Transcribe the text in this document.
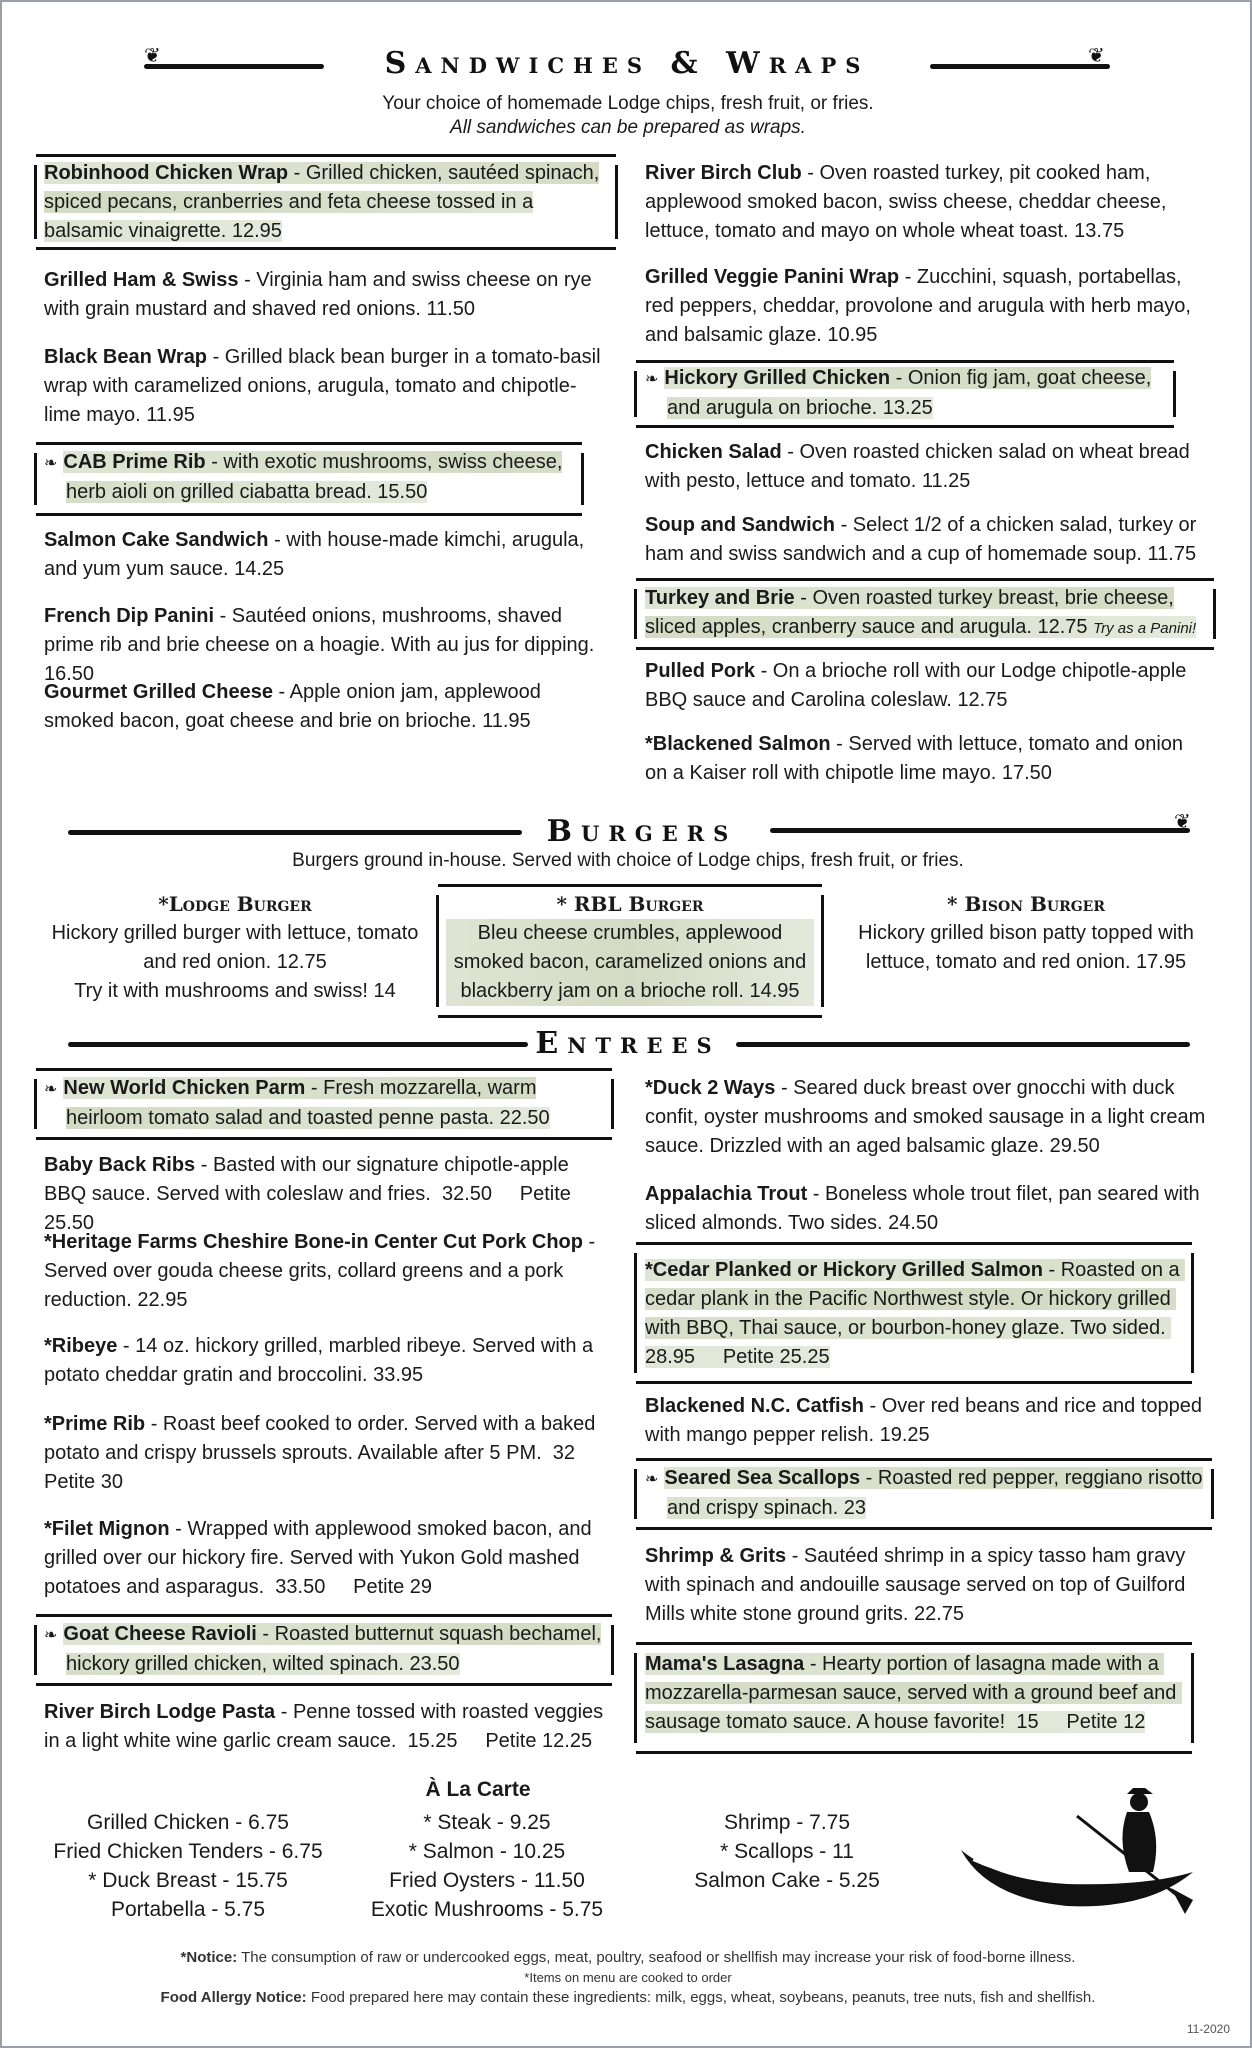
❦	Sandwiches & Wraps	❦
Your choice of homemade Lodge chips, fresh fruit, or fries.
All sandwiches can be prepared as wraps.
Robinhood Chicken Wrap - Grilled chicken, sautéed spinach, spiced pecans, cranberries and feta cheese tossed in a balsamic vinaigrette. 12.95
Grilled Ham & Swiss - Virginia ham and swiss cheese on rye with grain mustard and shaved red onions. 11.50
Black Bean Wrap - Grilled black bean burger in a tomato-basil wrap with caramelized onions, arugula, tomato and chipotle-lime mayo. 11.95
❧ CAB Prime Rib - with exotic mushrooms, swiss cheese, herb aioli on grilled ciabatta bread. 15.50
Salmon Cake Sandwich - with house-made kimchi, arugula, and yum yum sauce. 14.25
French Dip Panini - Sautéed onions, mushrooms, shaved prime rib and brie cheese on a hoagie. With au jus for dipping. 16.50
Gourmet Grilled Cheese - Apple onion jam, applewood smoked bacon, goat cheese and brie on brioche. 11.95
River Birch Club - Oven roasted turkey, pit cooked ham, applewood smoked bacon, swiss cheese, cheddar cheese, lettuce, tomato and mayo on whole wheat toast. 13.75
Grilled Veggie Panini Wrap - Zucchini, squash, portabellas, red peppers, cheddar, provolone and arugula with herb mayo, and balsamic glaze. 10.95
❧ Hickory Grilled Chicken - Onion fig jam, goat cheese, and arugula on brioche. 13.25
Chicken Salad - Oven roasted chicken salad on wheat bread with pesto, lettuce and tomato. 11.25
Soup and Sandwich - Select 1/2 of a chicken salad, turkey or ham and swiss sandwich and a cup of homemade soup. 11.75
Turkey and Brie - Oven roasted turkey breast, brie cheese, sliced apples, cranberry sauce and arugula. 12.75 Try as a Panini!
Pulled Pork - On a brioche roll with our Lodge chipotle-apple BBQ sauce and Carolina coleslaw. 12.75
*Blackened Salmon - Served with lettuce, tomato and onion on a Kaiser roll with chipotle lime mayo. 17.50
Burgers	❦
Burgers ground in-house. Served with choice of Lodge chips, fresh fruit, or fries.
*Lodge Burger
Hickory grilled burger with lettuce, tomato and red onion. 12.75
Try it with mushrooms and swiss! 14
* RBL Burger
Bleu cheese crumbles, applewood smoked bacon, caramelized onions and blackberry jam on a brioche roll. 14.95
* Bison Burger
Hickory grilled bison patty topped with lettuce, tomato and red onion. 17.95
Entrees
❧ New World Chicken Parm - Fresh mozzarella, warm heirloom tomato salad and toasted penne pasta. 22.50
Baby Back Ribs - Basted with our signature chipotle-apple BBQ sauce. Served with coleslaw and fries.  32.50     Petite 25.50
*Heritage Farms Cheshire Bone-in Center Cut Pork Chop - Served over gouda cheese grits, collard greens and a pork reduction. 22.95
*Ribeye - 14 oz. hickory grilled, marbled ribeye. Served with a potato cheddar gratin and broccolini. 33.95
*Prime Rib - Roast beef cooked to order. Served with a baked potato and crispy brussels sprouts. Available after 5 PM.  32     Petite 30
*Filet Mignon - Wrapped with applewood smoked bacon, and grilled over our hickory fire. Served with Yukon Gold mashed potatoes and asparagus.  33.50     Petite 29
❧ Goat Cheese Ravioli - Roasted butternut squash bechamel, hickory grilled chicken, wilted spinach. 23.50
River Birch Lodge Pasta - Penne tossed with roasted veggies in a light white wine garlic cream sauce.  15.25     Petite 12.25
*Duck 2 Ways - Seared duck breast over gnocchi with duck confit, oyster mushrooms and smoked sausage in a light cream sauce. Drizzled with an aged balsamic glaze. 29.50
Appalachia Trout - Boneless whole trout filet, pan seared with sliced almonds. Two sides. 24.50
*Cedar Planked or Hickory Grilled Salmon - Roasted on a cedar plank in the Pacific Northwest style. Or hickory grilled with BBQ, Thai sauce, or bourbon-honey glaze. Two sided. 28.95     Petite 25.25
Blackened N.C. Catfish - Over red beans and rice and topped with mango pepper relish. 19.25
❧ Seared Sea Scallops - Roasted red pepper, reggiano risotto and crispy spinach. 23
Shrimp & Grits - Sautéed shrimp in a spicy tasso ham gravy with spinach and andouille sausage served on top of Guilford Mills white stone ground grits. 22.75
Mama's Lasagna - Hearty portion of lasagna made with a mozzarella-parmesan sauce, served with a ground beef and sausage tomato sauce. A house favorite!  15     Petite 12
À La Carte
Grilled Chicken - 6.75
Fried Chicken Tenders - 6.75
* Duck Breast - 15.75
Portabella - 5.75
* Steak - 9.25
* Salmon - 10.25
Fried Oysters - 11.50
Exotic Mushrooms - 5.75
Shrimp - 7.75
* Scallops - 11
Salmon Cake - 5.25
*Notice: The consumption of raw or undercooked eggs, meat, poultry, seafood or shellfish may increase your risk of food-borne illness.
*Items on menu are cooked to order
Food Allergy Notice: Food prepared here may contain these ingredients: milk, eggs, wheat, soybeans, peanuts, tree nuts, fish and shellfish.
11-2020
